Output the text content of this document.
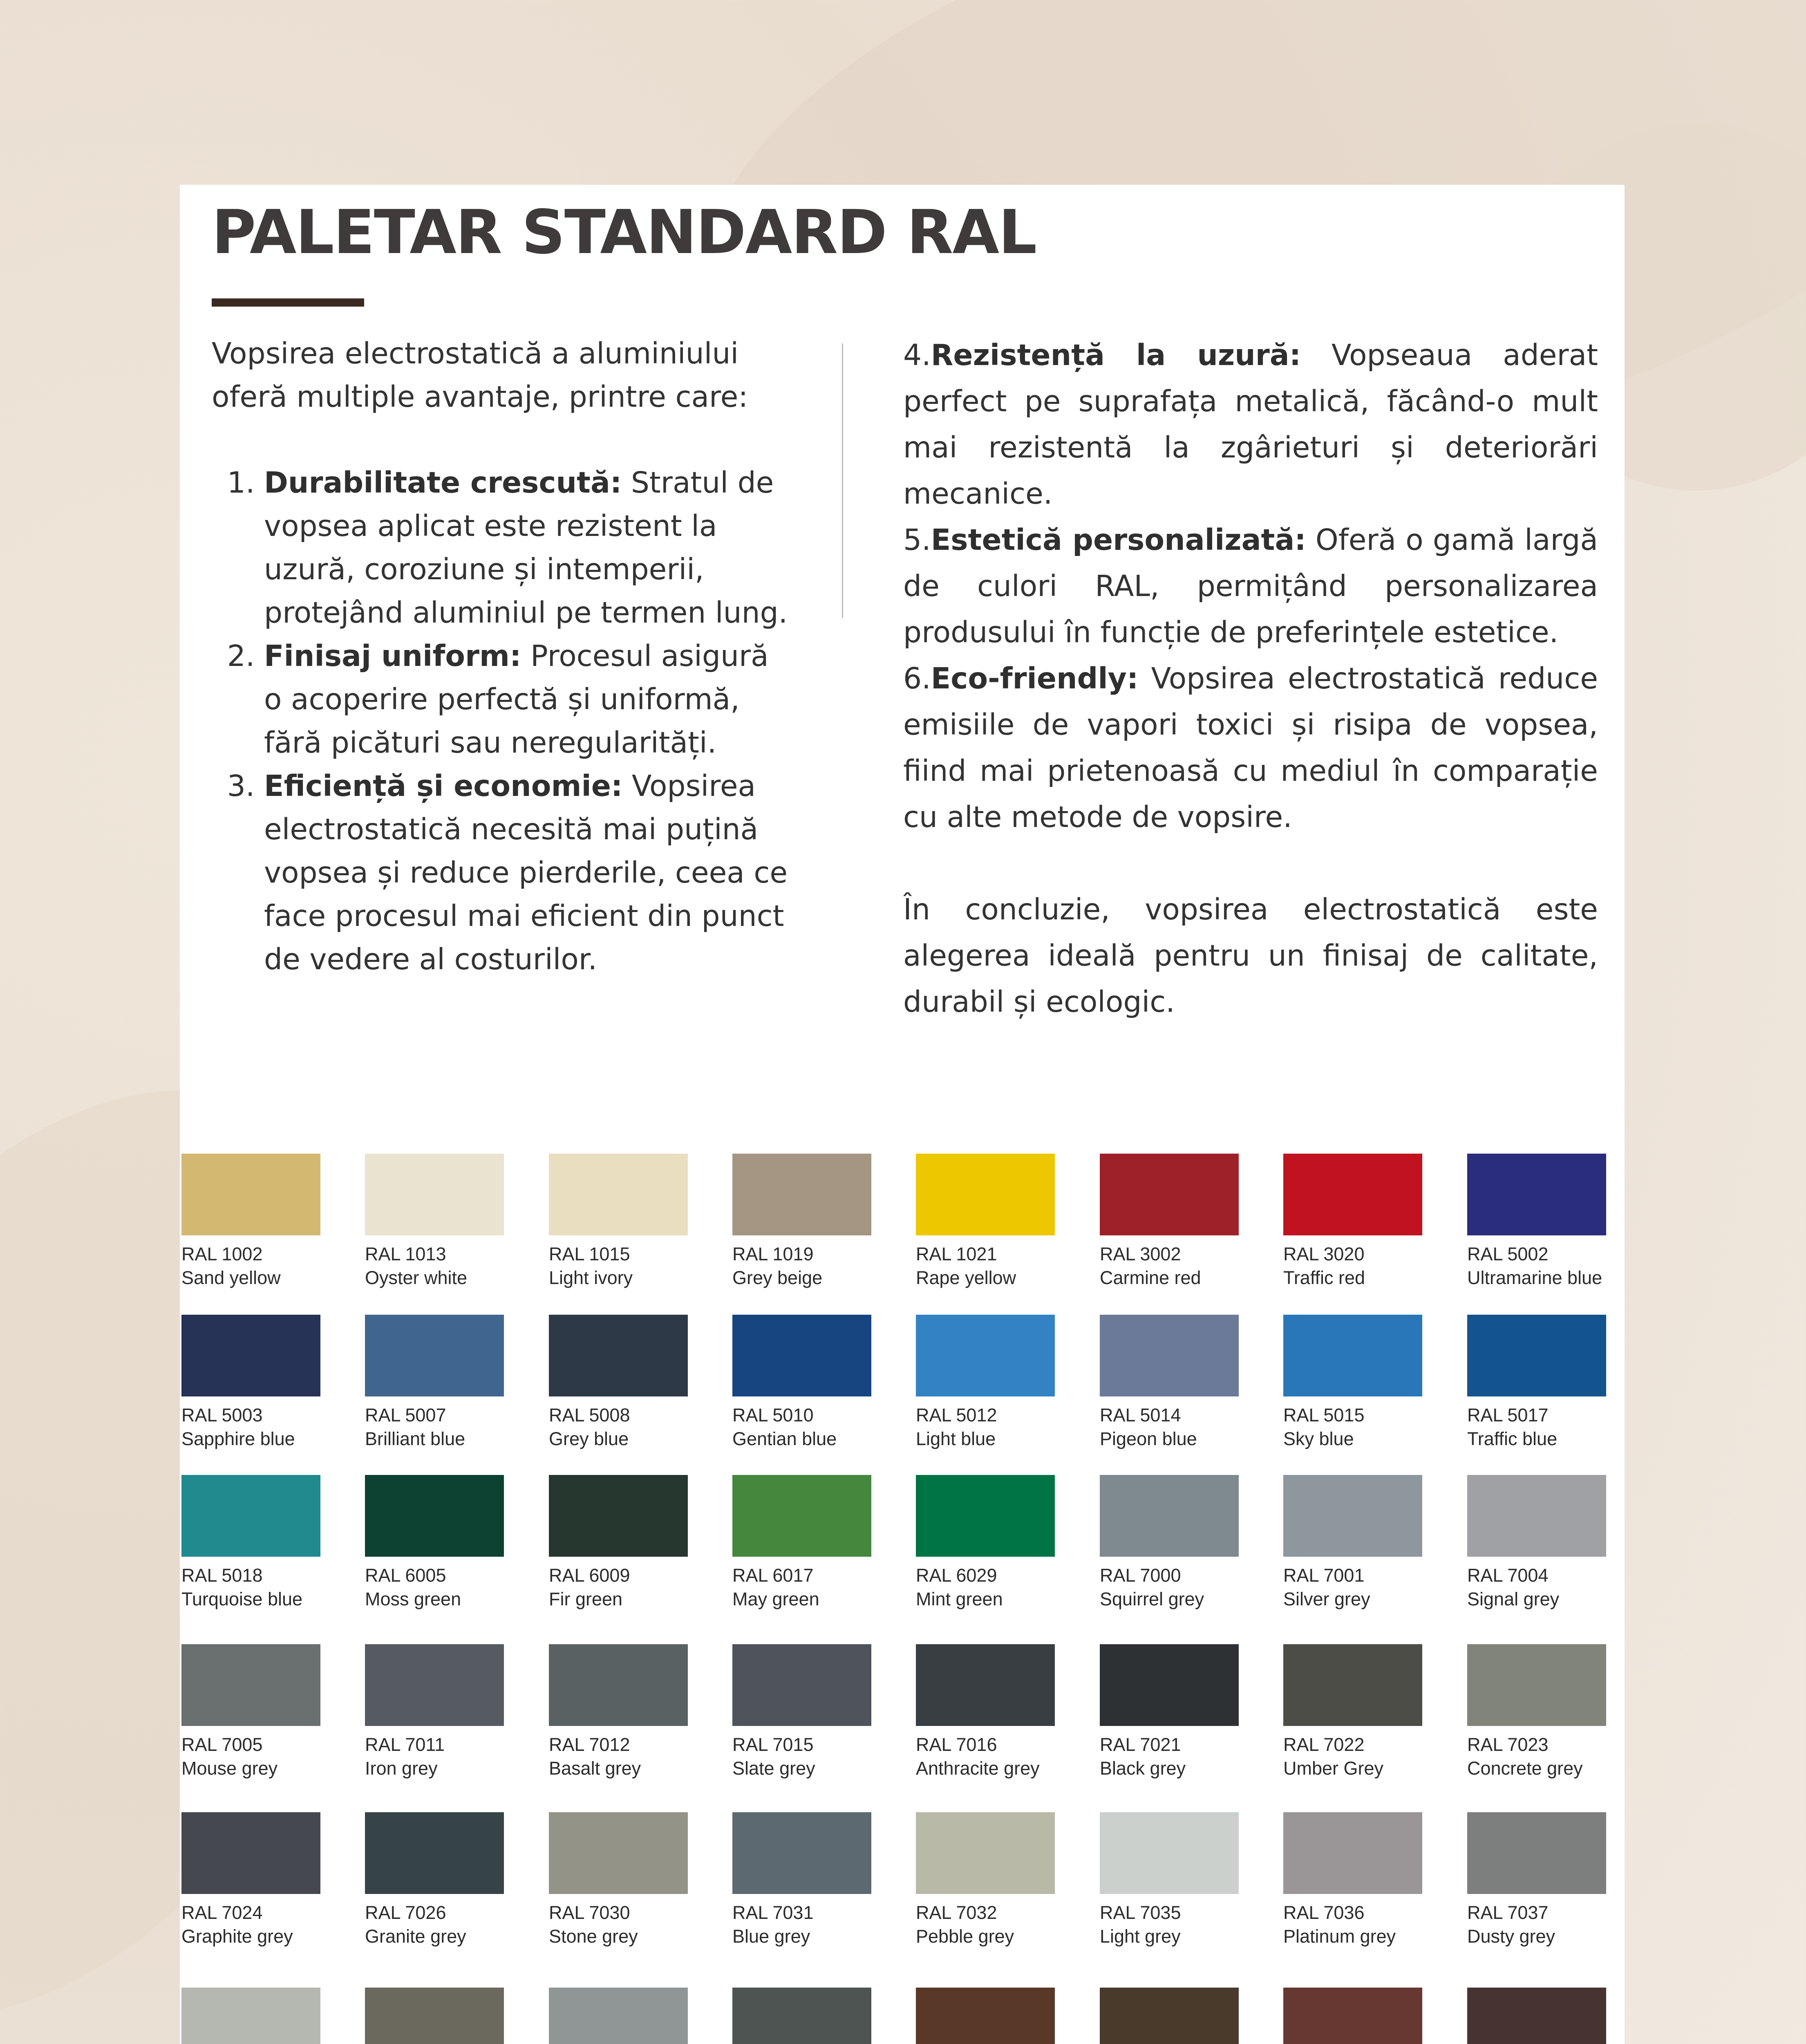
PALETAR STANDARD RAL

Vopsirea electrostatică a aluminiului oferă multiple avantaje, printre care:

1. Durabilitate crescută: Stratul de vopsea aplicat este rezistent la uzură, coroziune și intemperii, protejând aluminiul pe termen lung.
2. Finisaj uniform: Procesul asigură o acoperire perfectă și uniformă, fără picături sau neregularități.
3. Eficiență și economie: Vopsirea electrostatică necesită mai puțină vopsea și reduce pierderile, ceea ce face procesul mai eficient din punct de vedere al costurilor.

4.Rezistență la uzură: Vopseaua aderat perfect pe suprafața metalică, făcând-o mult mai rezistentă la zgârieturi și deteriorări mecanice.

5.Estetică personalizată: Oferă o gamă largă de culori RAL, permițând personalizarea produsului în funcție de preferințele estetice.

6.Eco-friendly: Vopsirea electrostatică reduce emisiile de vapori toxici și risipa de vopsea, fiind mai prietenoasă cu mediul în comparație cu alte metode de vopsire.

În concluzie, vopsirea electrostatică este alegerea ideală pentru un finisaj de calitate, durabil și ecologic.

RAL 1002
Sand yellow
RAL 1013
Oyster white
RAL 1015
Light ivory
RAL 1019
Grey beige
RAL 1021
Rape yellow
RAL 3002
Carmine red
RAL 3020
Traffic red
RAL 5002
Ultramarine blue
RAL 5003
Sapphire blue
RAL 5007
Brilliant blue
RAL 5008
Grey blue
RAL 5010
Gentian blue
RAL 5012
Light blue
RAL 5014
Pigeon blue
RAL 5015
Sky blue
RAL 5017
Traffic blue
RAL 5018
Turquoise blue
RAL 6005
Moss green
RAL 6009
Fir green
RAL 6017
May green
RAL 6029
Mint green
RAL 7000
Squirrel grey
RAL 7001
Silver grey
RAL 7004
Signal grey
RAL 7005
Mouse grey
RAL 7011
Iron grey
RAL 7012
Basalt grey
RAL 7015
Slate grey
RAL 7016
Anthracite grey
RAL 7021
Black grey
RAL 7022
Umber Grey
RAL 7023
Concrete grey
RAL 7024
Graphite grey
RAL 7026
Granite grey
RAL 7030
Stone grey
RAL 7031
Blue grey
RAL 7032
Pebble grey
RAL 7035
Light grey
RAL 7036
Platinum grey
RAL 7037
Dusty grey
